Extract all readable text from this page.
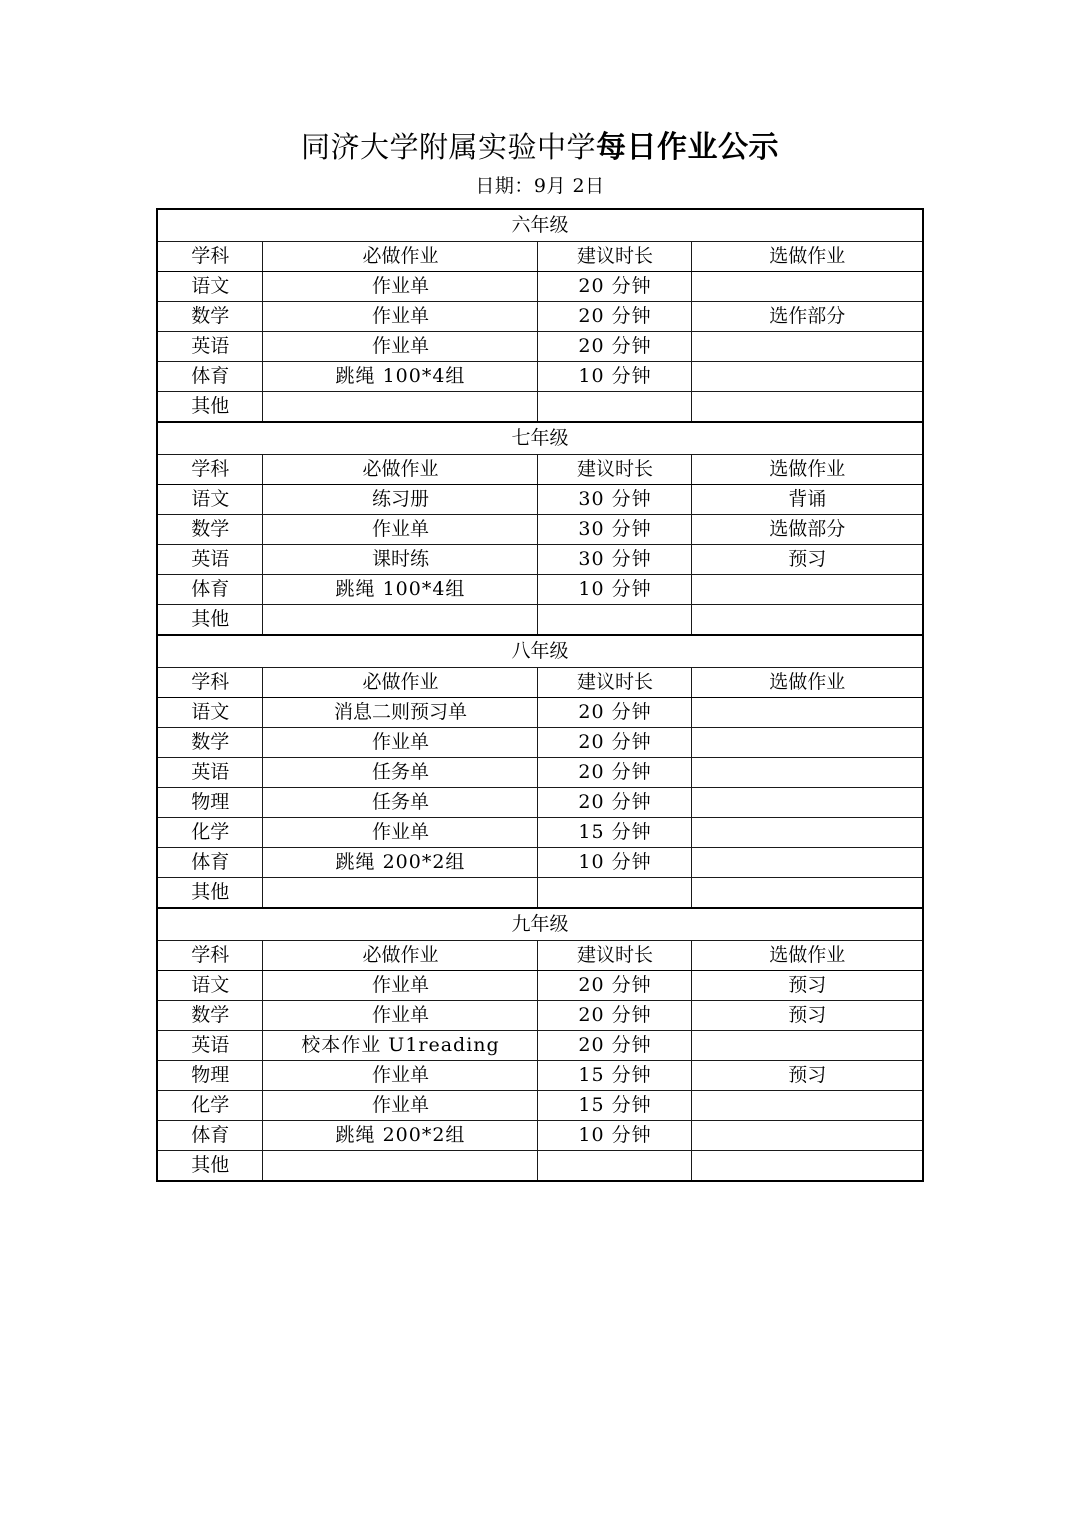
同济大学附属实验中学每日作业公示
日期：9月 2日
六年级			
学科	必做作业	建议时长	选做作业
语文	作业单	20 分钟	
数学	作业单	20 分钟	选作部分
英语	作业单	20 分钟	
体育	跳绳 100*4组	10 分钟	
其他			
七年级			
学科	必做作业	建议时长	选做作业
语文	练习册	30 分钟	背诵
数学	作业单	30 分钟	选做部分
英语	课时练	30 分钟	预习
体育	跳绳 100*4组	10 分钟	
其他			
八年级			
学科	必做作业	建议时长	选做作业
语文	消息二则预习单	20 分钟	
数学	作业单	20 分钟	
英语	任务单	20 分钟	
物理	任务单	20 分钟	
化学	作业单	15 分钟	
体育	跳绳 200*2组	10 分钟	
其他			
九年级			
学科	必做作业	建议时长	选做作业
语文	作业单	20 分钟	预习
数学	作业单	20 分钟	预习
英语	校本作业 U1reading	20 分钟	
物理	作业单	15 分钟	预习
化学	作业单	15 分钟	
体育	跳绳 200*2组	10 分钟	
其他			
